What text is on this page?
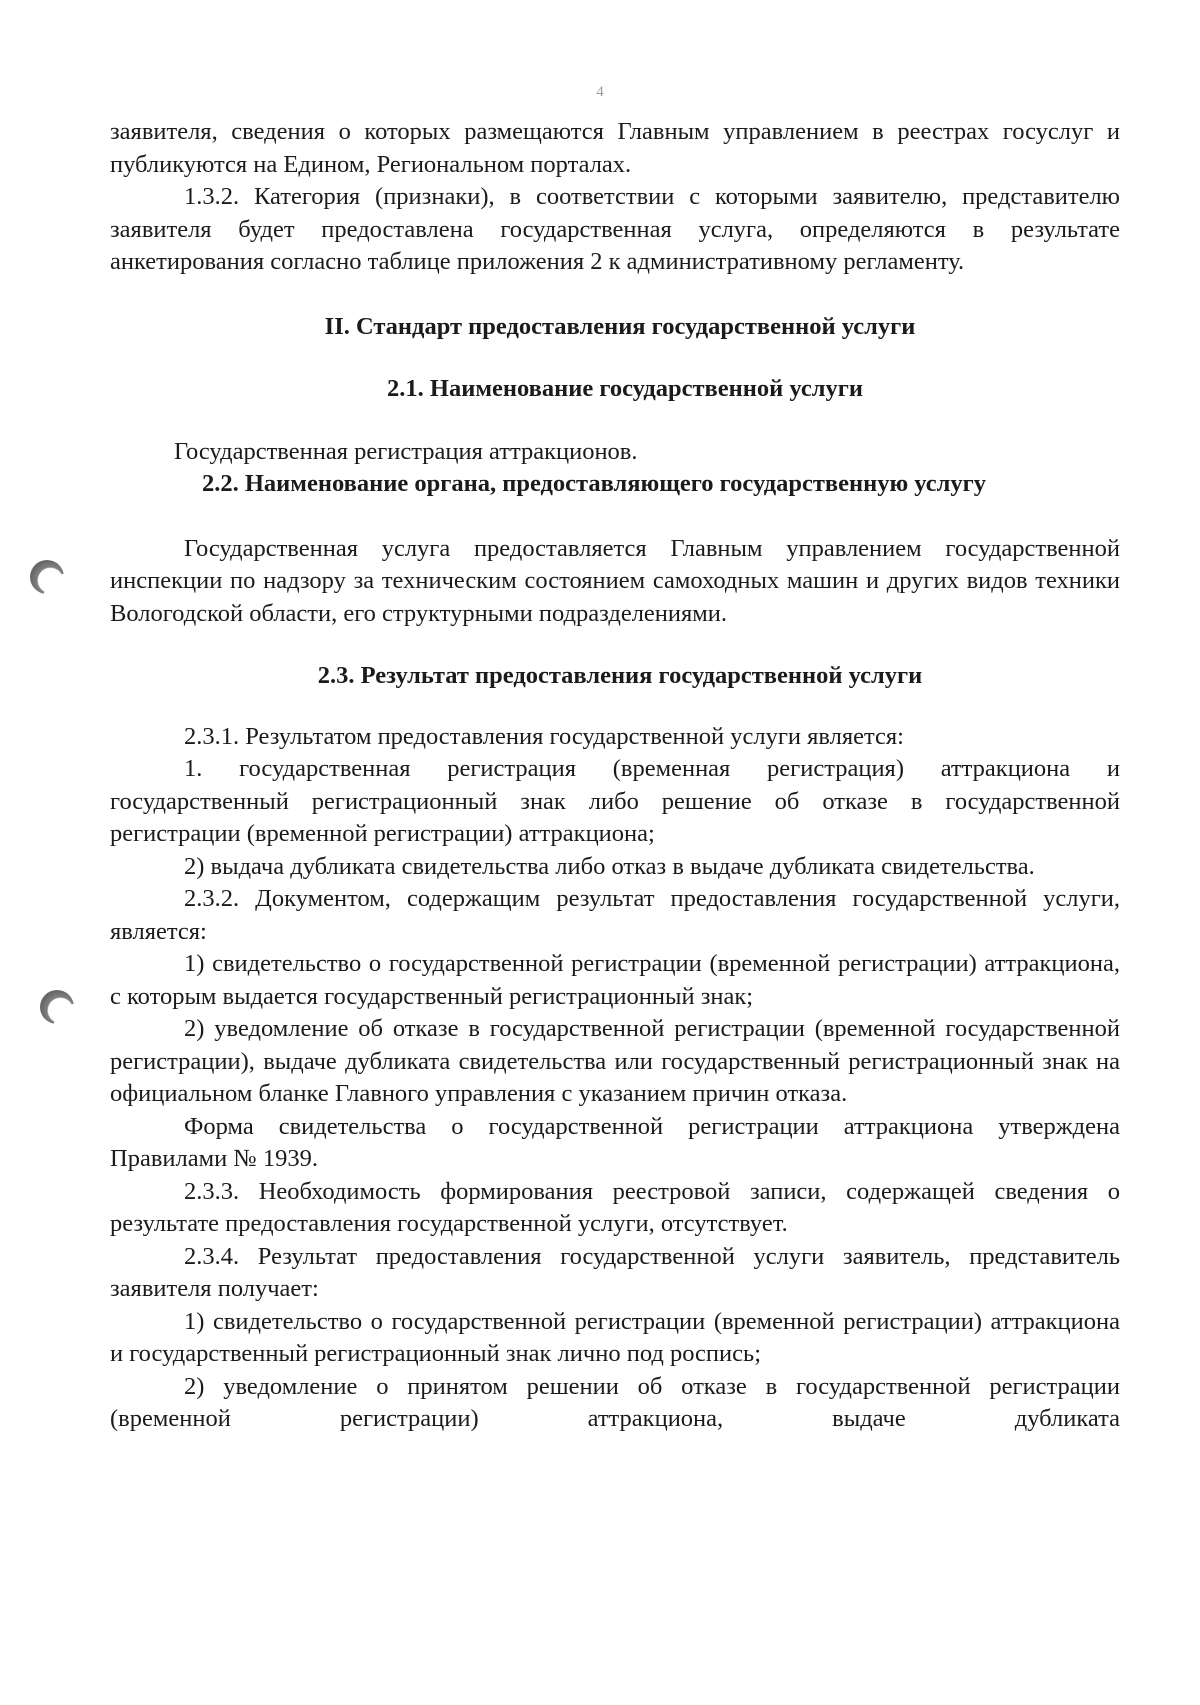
4

заявителя, сведения о которых размещаются Главным управлением в реестрах госуслуг и публикуются на Едином, Региональном порталах.

1.3.2. Категория (признаки), в соответствии с которыми заявителю, представителю заявителя будет предоставлена государственная услуга, определяются в результате анкетирования согласно таблице приложения 2 к административному регламенту.

II. Стандарт предоставления государственной услуги

2.1. Наименование государственной услуги

Государственная регистрация аттракционов.

2.2. Наименование органа, предоставляющего государственную услугу

Государственная услуга предоставляется Главным управлением государственной инспекции по надзору за техническим состоянием самоходных машин и других видов техники Вологодской области, его структурными подразделениями.

2.3. Результат предоставления государственной услуги

2.3.1. Результатом предоставления государственной услуги является:

1. государственная регистрация (временная регистрация) аттракциона и государственный регистрационный знак либо решение об отказе в государственной регистрации (временной регистрации) аттракциона;

2) выдача дубликата свидетельства либо отказ в выдаче дубликата свидетельства.

2.3.2. Документом, содержащим результат предоставления государственной услуги, является:

1) свидетельство о государственной регистрации (временной регистрации) аттракциона, с которым выдается государственный регистрационный знак;

2) уведомление об отказе в государственной регистрации (временной государственной регистрации), выдаче дубликата свидетельства или государственный регистрационный знак на официальном бланке Главного управления с указанием причин отказа.

Форма свидетельства о государственной регистрации аттракциона утверждена Правилами № 1939.

2.3.3. Необходимость формирования реестровой записи, содержащей сведения о результате предоставления государственной услуги, отсутствует.

2.3.4. Результат предоставления государственной услуги заявитель, представитель заявителя получает:

1) свидетельство о государственной регистрации (временной регистрации) аттракциона и государственный регистрационный знак лично под роспись;

2) уведомление о принятом решении об отказе в государственной регистрации (временной регистрации) аттракциона, выдаче дубликата
